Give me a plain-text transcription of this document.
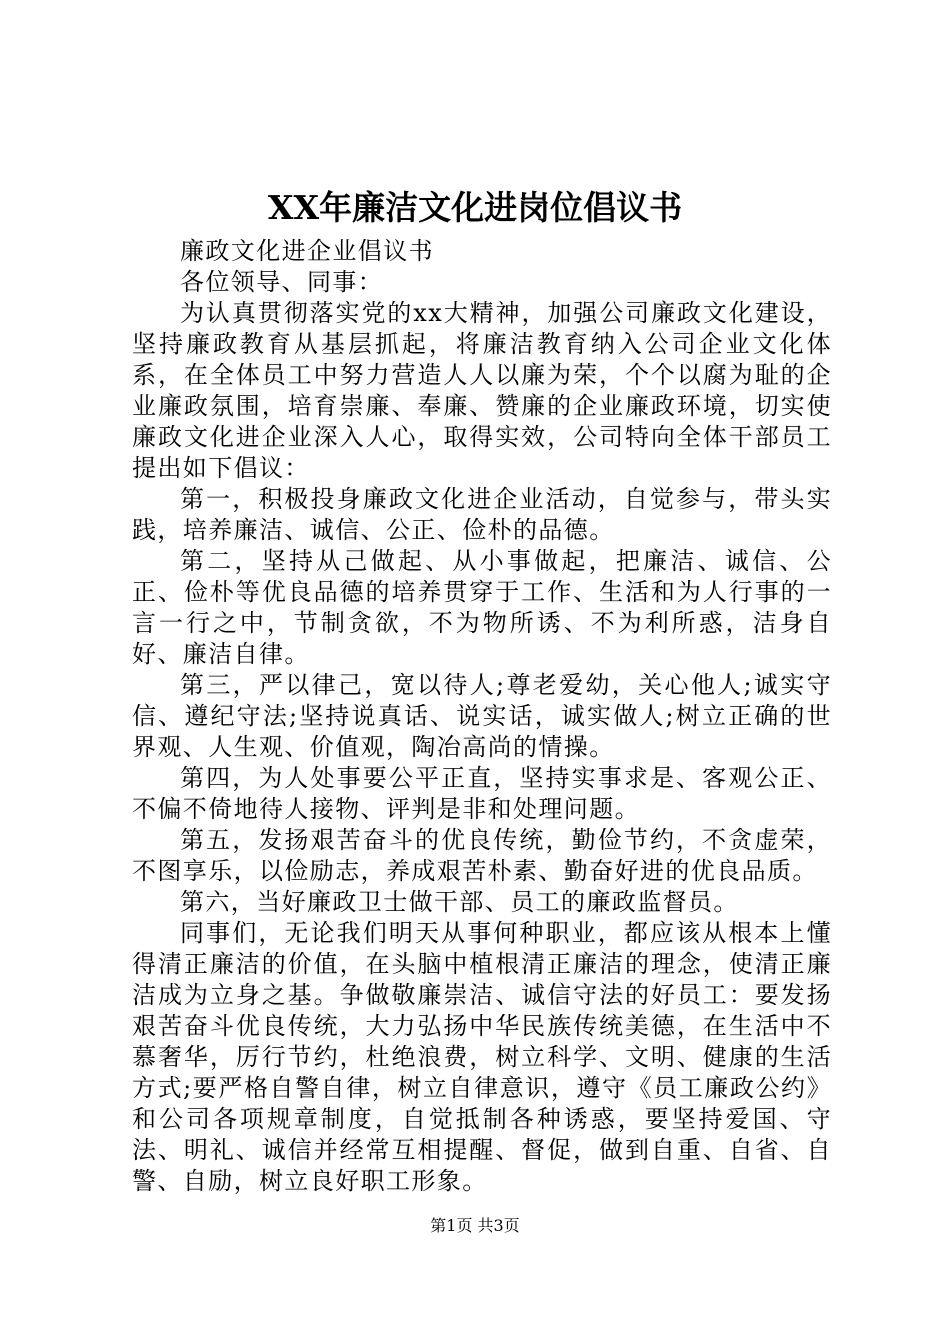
XX年廉洁文化进岗位倡议书

廉政文化进企业倡议书

各位领导、同事：

为认真贯彻落实党的xx大精神，加强公司廉政文化建设，坚持廉政教育从基层抓起，将廉洁教育纳入公司企业文化体系，在全体员工中努力营造人人以廉为荣，个个以腐为耻的企业廉政氛围，培育崇廉、奉廉、赞廉的企业廉政环境，切实使廉政文化进企业深入人心，取得实效，公司特向全体干部员工提出如下倡议：

第一，积极投身廉政文化进企业活动，自觉参与，带头实践，培养廉洁、诚信、公正、俭朴的品德。

第二，坚持从己做起、从小事做起，把廉洁、诚信、公正、俭朴等优良品德的培养贯穿于工作、生活和为人行事的一言一行之中，节制贪欲，不为物所诱、不为利所惑，洁身自好、廉洁自律。

第三，严以律己，宽以待人;尊老爱幼，关心他人;诚实守信、遵纪守法;坚持说真话、说实话，诚实做人;树立正确的世界观、人生观、价值观，陶冶高尚的情操。

第四，为人处事要公平正直，坚持实事求是、客观公正、不偏不倚地待人接物、评判是非和处理问题。

第五，发扬艰苦奋斗的优良传统，勤俭节约，不贪虚荣，不图享乐，以俭励志，养成艰苦朴素、勤奋好进的优良品质。

第六，当好廉政卫士做干部、员工的廉政监督员。

同事们，无论我们明天从事何种职业，都应该从根本上懂得清正廉洁的价值，在头脑中植根清正廉洁的理念，使清正廉洁成为立身之基。争做敬廉崇洁、诚信守法的好员工：要发扬艰苦奋斗优良传统，大力弘扬中华民族传统美德，在生活中不慕奢华，厉行节约，杜绝浪费，树立科学、文明、健康的生活方式;要严格自警自律，树立自律意识，遵守《员工廉政公约》和公司各项规章制度，自觉抵制各种诱惑，要坚持爱国、守法、明礼、诚信并经常互相提醒、督促，做到自重、自省、自警、自励，树立良好职工形象。

第1页 共3页
